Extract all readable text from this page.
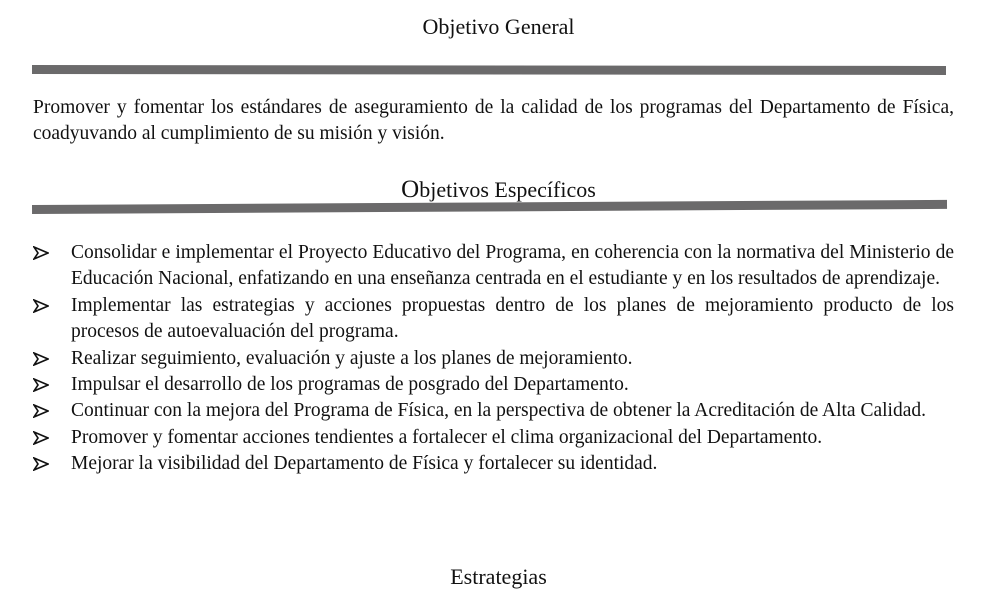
Objetivo General
Promover y fomentar los estándares de aseguramiento de la calidad de los programas del Departamento de Física, coadyuvando al cumplimiento de su misión y visión.
Objetivos Específicos
Consolidar e implementar el Proyecto Educativo del Programa, en coherencia con la normativa del Ministerio de Educación Nacional, enfatizando en una enseñanza centrada en el estudiante y en los resultados de aprendizaje.
Implementar las estrategias y acciones propuestas dentro de los planes de mejoramiento producto de los procesos de autoevaluación del programa.
Realizar seguimiento, evaluación y ajuste a los planes de mejoramiento.
Impulsar el desarrollo de los programas de posgrado del Departamento.
Continuar con la mejora del Programa de Física, en la perspectiva de obtener la Acreditación de Alta Calidad.
Promover y fomentar acciones tendientes a fortalecer el clima organizacional del Departamento.
Mejorar la visibilidad del Departamento de Física y fortalecer su identidad.
Estrategias
